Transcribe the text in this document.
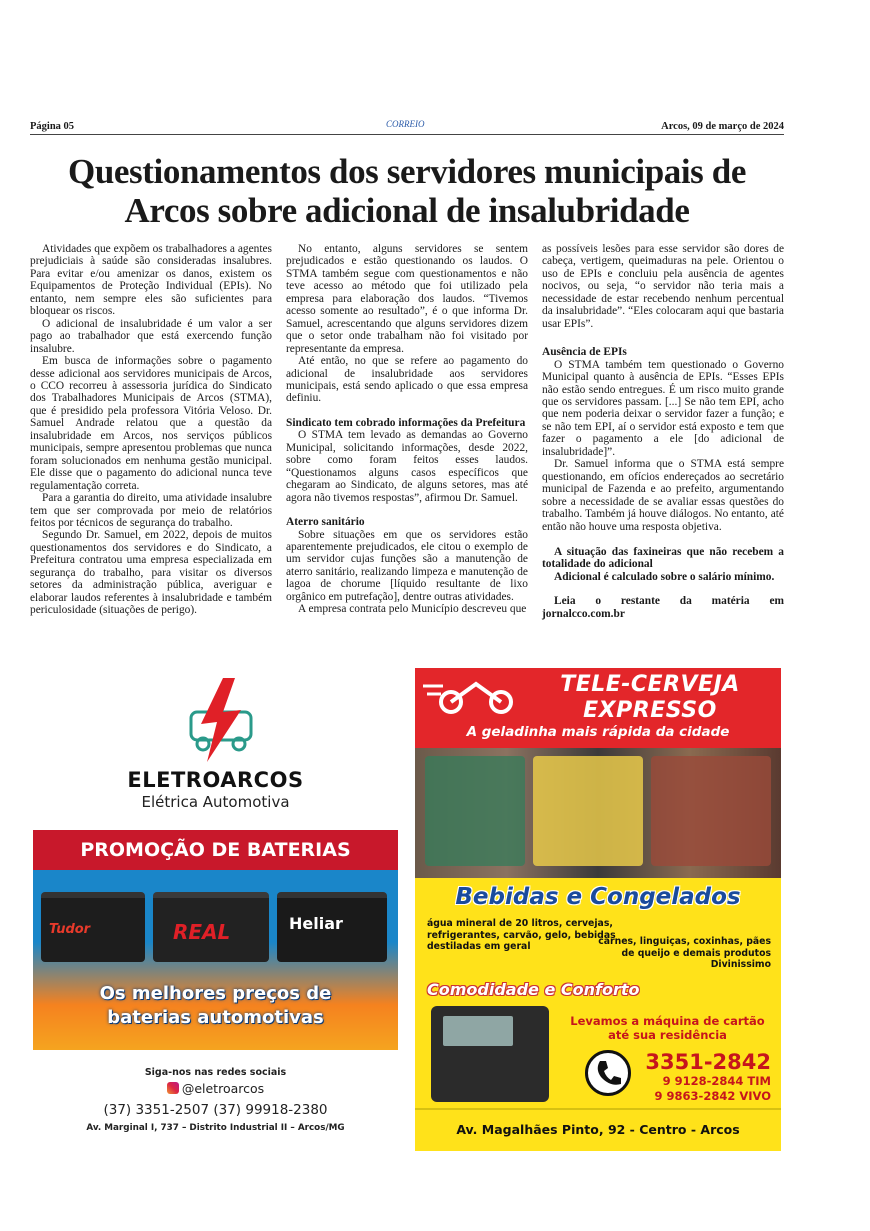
Página 05	CORREIO	Arcos, 09 de março de 2024
Questionamentos dos servidores municipais de Arcos sobre adicional de insalubridade

Atividades que expõem os trabalhadores a agentes prejudiciais à saúde são consideradas insalubres. Para evitar e/ou amenizar os danos, existem os Equipamentos de Proteção Individual (EPIs). No entanto, nem sempre eles são suficientes para bloquear os riscos.

O adicional de insalubridade é um valor a ser pago ao trabalhador que está exercendo função insalubre.

Em busca de informações sobre o pagamento desse adicional aos servidores municipais de Arcos, o CCO recorreu à assessoria jurídica do Sindicato dos Trabalhadores Municipais de Arcos (STMA), que é presidido pela professora Vitória Veloso. Dr. Samuel Andrade relatou que a questão da insalubridade em Arcos, nos serviços públicos municipais, sempre apresentou problemas que nunca foram solucionados em nenhuma gestão municipal. Ele disse que o pagamento do adicional nunca teve regulamentação correta.

Para a garantia do direito, uma atividade insalubre tem que ser comprovada por meio de relatórios feitos por técnicos de segurança do trabalho.

Segundo Dr. Samuel, em 2022, depois de muitos questionamentos dos servidores e do Sindicato, a Prefeitura contratou uma empresa especializada em segurança do trabalho, para visitar os diversos setores da administração pública, averiguar e elaborar laudos referentes à insalubridade e também periculosidade (situações de perigo).

No entanto, alguns servidores se sentem prejudicados e estão questionando os laudos. O STMA também segue com questionamentos e não teve acesso ao método que foi utilizado pela empresa para elaboração dos laudos. “Tivemos acesso somente ao resultado”, é o que informa Dr. Samuel, acrescentando que alguns servidores dizem que o setor onde trabalham não foi visitado por representante da empresa.

Até então, no que se refere ao pagamento do adicional de insalubridade aos servidores municipais, está sendo aplicado o que essa empresa definiu.

Sindicato tem cobrado informações da Prefeitura

O STMA tem levado as demandas ao Governo Municipal, solicitando informações, desde 2022, sobre como foram feitos esses laudos. “Questionamos alguns casos específicos que chegaram ao Sindicato, de alguns setores, mas até agora não tivemos respostas”, afirmou Dr. Samuel.

Aterro sanitário

Sobre situações em que os servidores estão aparentemente prejudicados, ele citou o exemplo de um servidor cujas funções são a manutenção de aterro sanitário, realizando limpeza e manutenção de lagoa de chorume [líquido resultante de lixo orgânico em putrefação], dentre outras atividades.

A empresa contrata pelo Município descreveu que

as possíveis lesões para esse servidor são dores de cabeça, vertigem, queimaduras na pele. Orientou o uso de EPIs e concluiu pela ausência de agentes nocivos, ou seja, “o servidor não teria mais a necessidade de estar recebendo nenhum percentual da insalubridade”. “Eles colocaram aqui que bastaria usar EPIs”.

Ausência de EPIs

O STMA também tem questionado o Governo Municipal quanto à ausência de EPIs. “Esses EPIs não estão sendo entregues. É um risco muito grande que os servidores passam. [...] Se não tem EPI, acho que nem poderia deixar o servidor fazer a função; e se não tem EPI, aí o servidor está exposto e tem que fazer o pagamento a ele [do adicional de insalubridade]”.

Dr. Samuel informa que o STMA está sempre questionando, em ofícios endereçados ao secretário municipal de Fazenda e ao prefeito, argumentando sobre a necessidade de se avaliar essas questões do trabalho. Também já houve diálogos. No entanto, até então não houve uma resposta objetiva.

A situação das faxineiras que não recebem a totalidade do adicional

Adicional é calculado sobre o salário mínimo.

Leia o restante da matéria em jornalcco.com.br

ELETROARCOS
Elétrica Automotiva
PROMOÇÃO DE BATERIAS
Tudor	REAL	Heliar
Os melhores preços de
baterias automotivas
Siga-nos nas redes sociais
@eletroarcos
(37) 3351-2507 (37) 99918-2380
Av. Marginal I, 737 – Distrito Industrial II – Arcos/MG
TELE-CERVEJA
EXPRESSO
A geladinha mais rápida da cidade
Bebidas e Congelados
água mineral de 20 litros, cervejas, refrigerantes, carvão, gelo, bebidas destiladas em geral	carnes, linguiças, coxinhas, pães de queijo e demais produtos Divinissimo
Comodidade e Conforto
Levamos a máquina de cartão até sua residência
3351-2842
9 9128-2844 TIM
9 9863-2842 VIVO
Av. Magalhães Pinto, 92 - Centro - Arcos
